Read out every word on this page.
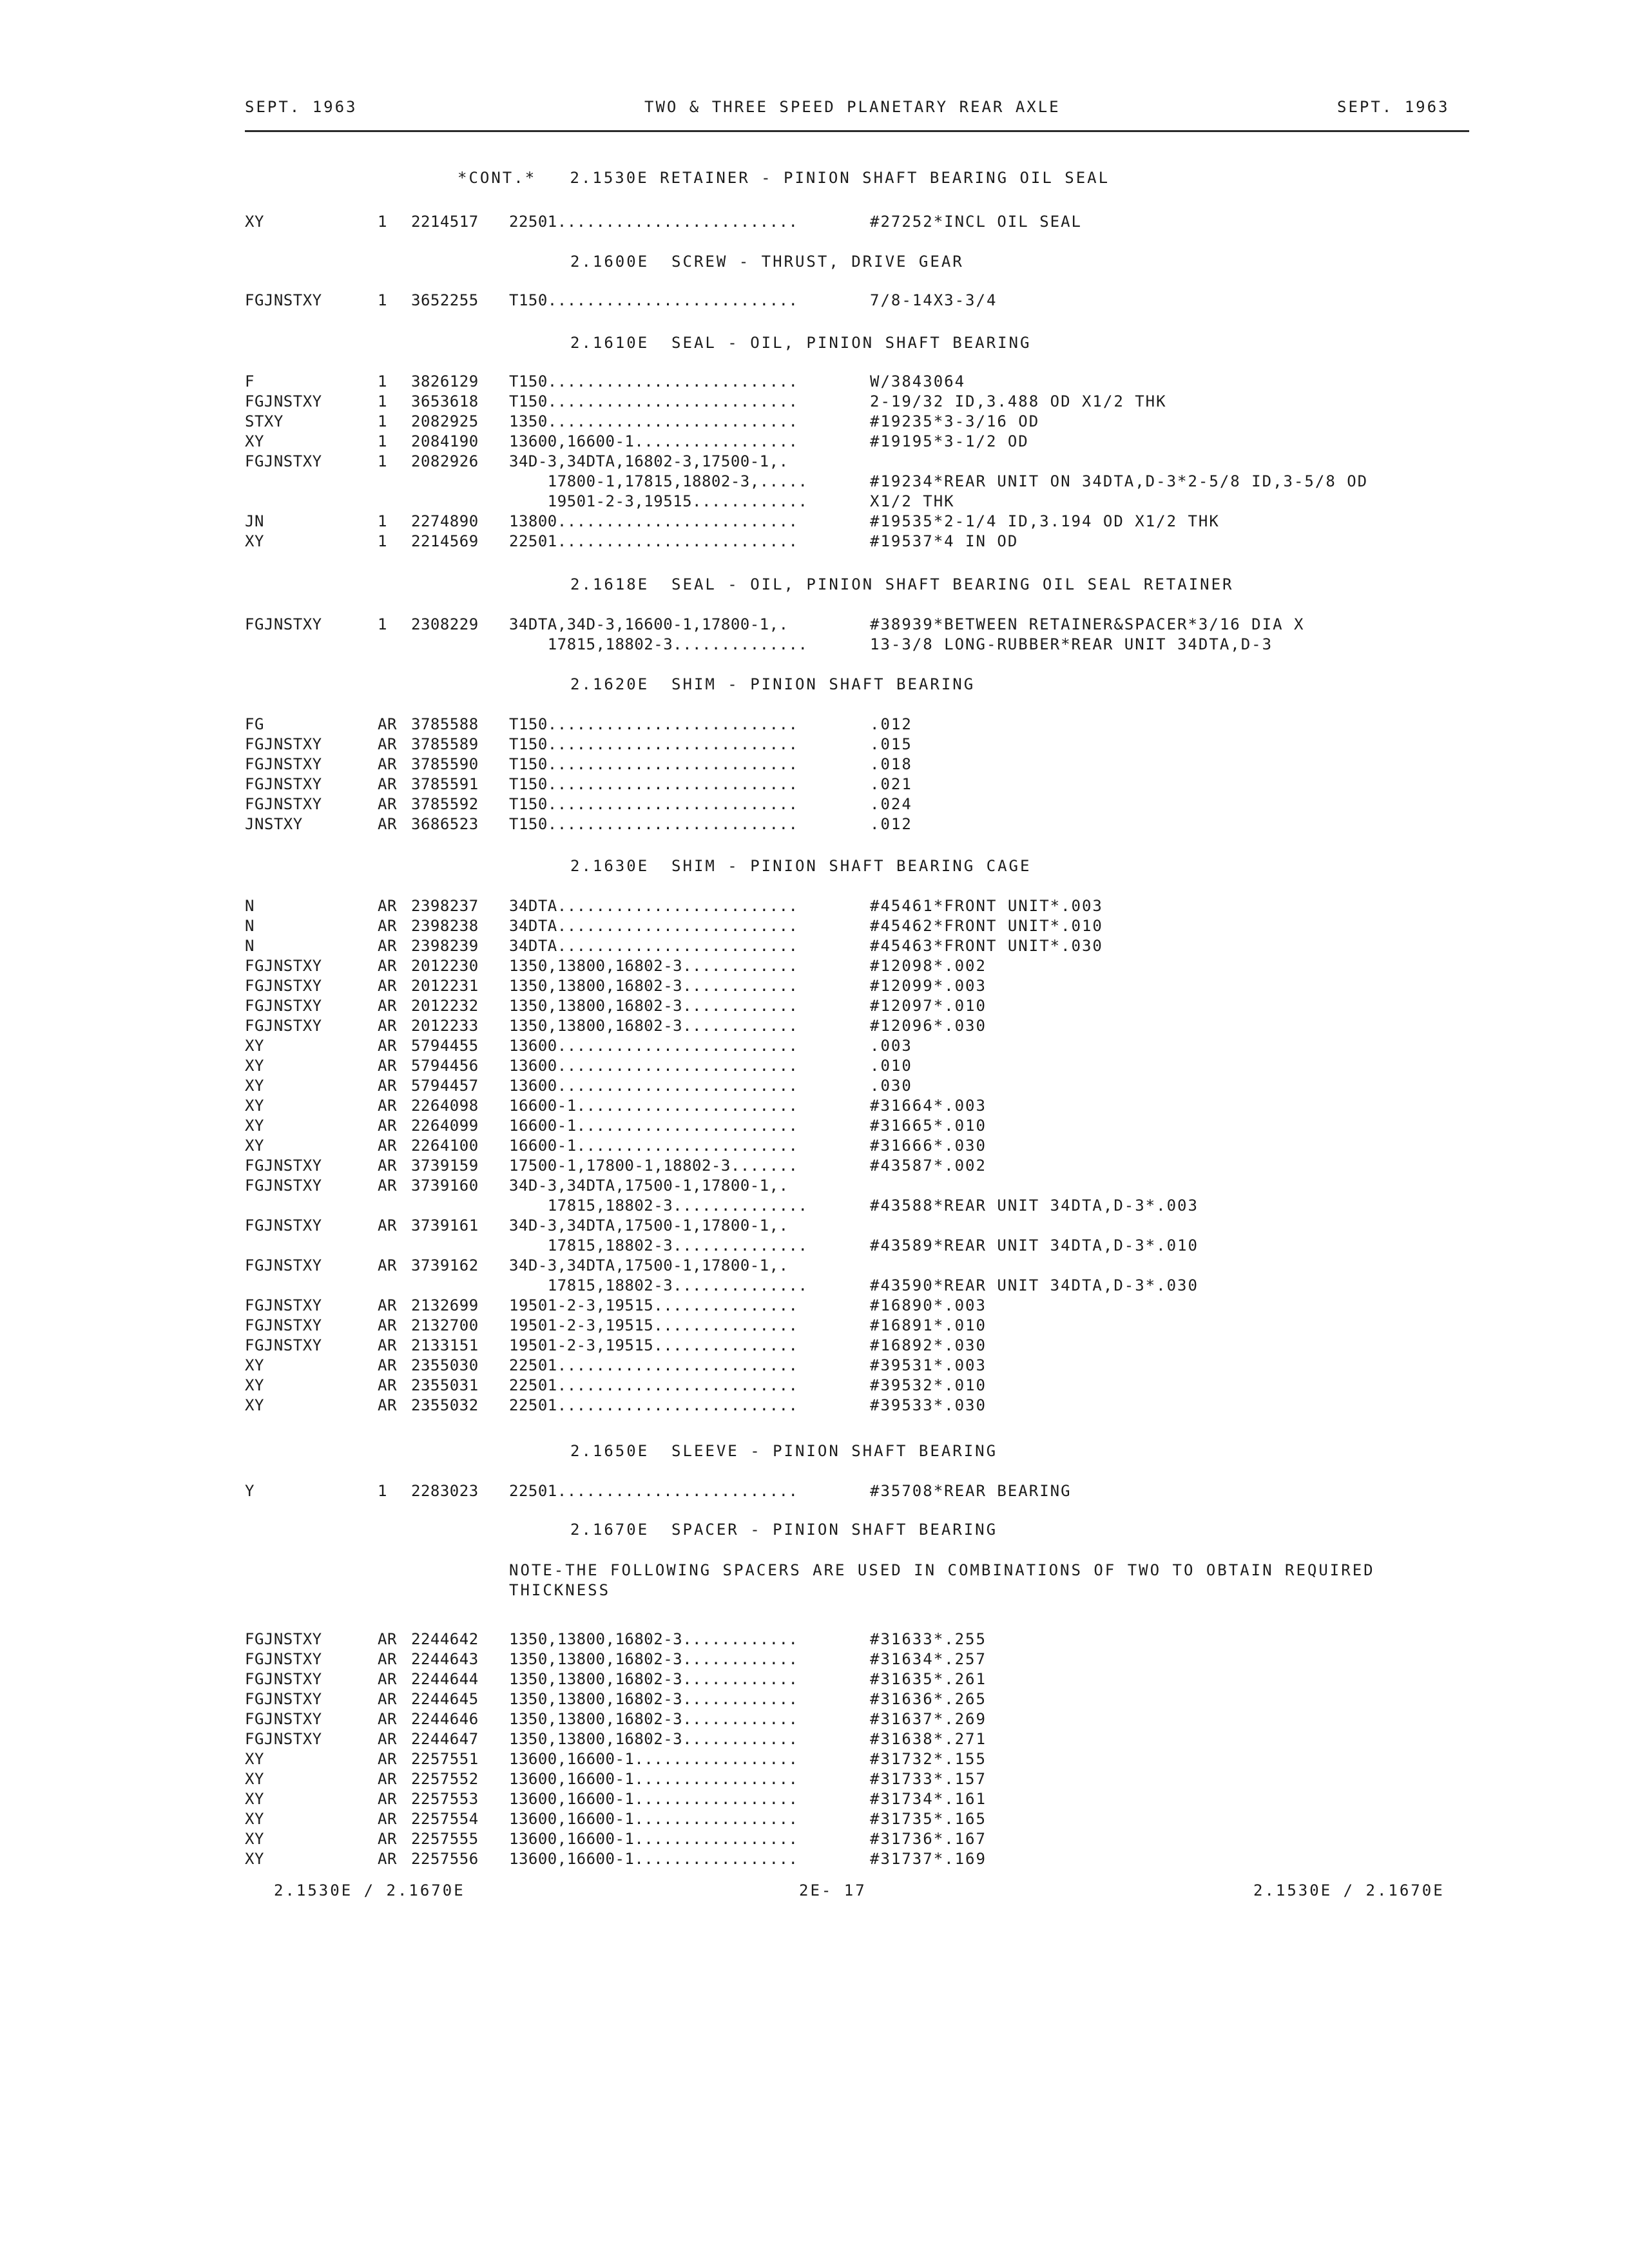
SEPT. 1963	TWO & THREE SPEED PLANETARY REAR AXLE	SEPT. 1963
2.1530E / 2.1670E	2E- 17	2.1530E / 2.1670E
*CONT.*   2.1530E RETAINER - PINION SHAFT BEARING OIL SEAL
XY	1 2214517 22501.........................	#27252*INCL OIL SEAL
2.1600E  SCREW - THRUST, DRIVE GEAR
FGJNSTXY	1 3652255 T150..........................	7/8-14X3-3/4
2.1610E  SEAL - OIL, PINION SHAFT BEARING
F	1 3826129 T150..........................	W/3843064
FGJNSTXY	1 3653618 T150..........................	2-19/32 ID,3.488 OD X1/2 THK
STXY	1 2082925 1350..........................	#19235*3-3/16 OD
XY	1 2084190 13600,16600-1.................	#19195*3-1/2 OD
FGJNSTXY	1 2082926 34D-3,34DTA,16802-3,17500-1,.
17800-1,17815,18802-3,.....	#19234*REAR UNIT ON 34DTA,D-3*2-5/8 ID,3-5/8 OD
19501-2-3,19515............	X1/2 THK
JN	1 2274890 13800.........................	#19535*2-1/4 ID,3.194 OD X1/2 THK
XY	1 2214569 22501.........................	#19537*4 IN OD
2.1618E  SEAL - OIL, PINION SHAFT BEARING OIL SEAL RETAINER
FGJNSTXY	1 2308229 34DTA,34D-3,16600-1,17800-1,.	#38939*BETWEEN RETAINER&SPACER*3/16 DIA X
17815,18802-3..............	13-3/8 LONG-RUBBER*REAR UNIT 34DTA,D-3
2.1620E  SHIM - PINION SHAFT BEARING
FG	AR 3785588 T150..........................	.012
FGJNSTXY	AR 3785589 T150..........................	.015
FGJNSTXY	AR 3785590 T150..........................	.018
FGJNSTXY	AR 3785591 T150..........................	.021
FGJNSTXY	AR 3785592 T150..........................	.024
JNSTXY	AR 3686523 T150..........................	.012
2.1630E  SHIM - PINION SHAFT BEARING CAGE
N	AR 2398237 34DTA.........................	#45461*FRONT UNIT*.003
N	AR 2398238 34DTA.........................	#45462*FRONT UNIT*.010
N	AR 2398239 34DTA.........................	#45463*FRONT UNIT*.030
FGJNSTXY	AR 2012230 1350,13800,16802-3............	#12098*.002
FGJNSTXY	AR 2012231 1350,13800,16802-3............	#12099*.003
FGJNSTXY	AR 2012232 1350,13800,16802-3............	#12097*.010
FGJNSTXY	AR 2012233 1350,13800,16802-3............	#12096*.030
XY	AR 5794455 13600.........................	.003
XY	AR 5794456 13600.........................	.010
XY	AR 5794457 13600.........................	.030
XY	AR 2264098 16600-1.......................	#31664*.003
XY	AR 2264099 16600-1.......................	#31665*.010
XY	AR 2264100 16600-1.......................	#31666*.030
FGJNSTXY	AR 3739159 17500-1,17800-1,18802-3.......	#43587*.002
FGJNSTXY	AR 3739160 34D-3,34DTA,17500-1,17800-1,.
17815,18802-3..............	#43588*REAR UNIT 34DTA,D-3*.003
FGJNSTXY	AR 3739161 34D-3,34DTA,17500-1,17800-1,.
17815,18802-3..............	#43589*REAR UNIT 34DTA,D-3*.010
FGJNSTXY	AR 3739162 34D-3,34DTA,17500-1,17800-1,.
17815,18802-3..............	#43590*REAR UNIT 34DTA,D-3*.030
FGJNSTXY	AR 2132699 19501-2-3,19515...............	#16890*.003
FGJNSTXY	AR 2132700 19501-2-3,19515...............	#16891*.010
FGJNSTXY	AR 2133151 19501-2-3,19515...............	#16892*.030
XY	AR 2355030 22501.........................	#39531*.003
XY	AR 2355031 22501.........................	#39532*.010
XY	AR 2355032 22501.........................	#39533*.030
2.1650E  SLEEVE - PINION SHAFT BEARING
Y	1 2283023 22501.........................	#35708*REAR BEARING
2.1670E  SPACER - PINION SHAFT BEARING
NOTE-THE FOLLOWING SPACERS ARE USED IN COMBINATIONS OF TWO TO OBTAIN REQUIRED
THICKNESS
FGJNSTXY	AR 2244642 1350,13800,16802-3............	#31633*.255
FGJNSTXY	AR 2244643 1350,13800,16802-3............	#31634*.257
FGJNSTXY	AR 2244644 1350,13800,16802-3............	#31635*.261
FGJNSTXY	AR 2244645 1350,13800,16802-3............	#31636*.265
FGJNSTXY	AR 2244646 1350,13800,16802-3............	#31637*.269
FGJNSTXY	AR 2244647 1350,13800,16802-3............	#31638*.271
XY	AR 2257551 13600,16600-1.................	#31732*.155
XY	AR 2257552 13600,16600-1.................	#31733*.157
XY	AR 2257553 13600,16600-1.................	#31734*.161
XY	AR 2257554 13600,16600-1.................	#31735*.165
XY	AR 2257555 13600,16600-1.................	#31736*.167
XY	AR 2257556 13600,16600-1.................	#31737*.169
